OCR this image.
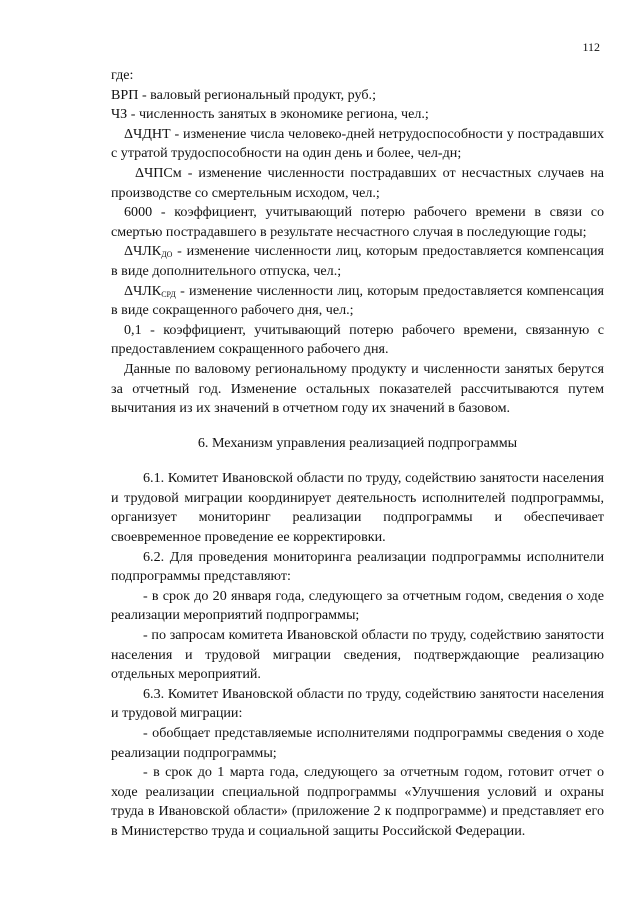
112

где:

ВРП - валовый региональный продукт, руб.;

ЧЗ - численность занятых в экономике региона, чел.;

ΔЧДНТ - изменение числа человеко-дней нетрудоспособности у пострадавших с утратой трудоспособности на один день и более, чел-дн;

ΔЧПСм - изменение численности пострадавших от несчастных случаев на производстве со смертельным исходом, чел.;

6000 - коэффициент, учитывающий потерю рабочего времени в связи со смертью пострадавшего в результате несчастного случая в последующие годы;

$\Delta ЧЛК_{ДО}$ - изменение численности лиц, которым предоставляется компенсация в виде дополнительного отпуска, чел.;

$\Delta ЧЛК_{СРД}$ - изменение численности лиц, которым предоставляется компенсация в виде сокращенного рабочего дня, чел.;

0,1 - коэффициент, учитывающий потерю рабочего времени, связанную с предоставлением сокращенного рабочего дня.

Данные по валовому региональному продукту и численности занятых берутся за отчетный год. Изменение остальных показателей рассчитываются путем вычитания из их значений в отчетном году их значений в базовом.

6. Механизм управления реализацией подпрограммы

6.1. Комитет Ивановской области по труду, содействию занятости населения и трудовой миграции координирует деятельность исполнителей подпрограммы, организует мониторинг реализации подпрограммы и обеспечивает своевременное проведение ее корректировки.

6.2. Для проведения мониторинга реализации подпрограммы исполнители подпрограммы представляют:

- в срок до 20 января года, следующего за отчетным годом, сведения о ходе реализации мероприятий подпрограммы;

- по запросам комитета Ивановской области по труду, содействию занятости населения и трудовой миграции сведения, подтверждающие реализацию отдельных мероприятий.

6.3. Комитет Ивановской области по труду, содействию занятости населения и трудовой миграции:

- обобщает представляемые исполнителями подпрограммы сведения о ходе реализации подпрограммы;

- в срок до 1 марта года, следующего за отчетным годом, готовит отчет о ходе реализации специальной подпрограммы «Улучшения условий и охраны труда в Ивановской области» (приложение 2 к подпрограмме) и представляет его в Министерство труда и социальной защиты Российской Федерации.
